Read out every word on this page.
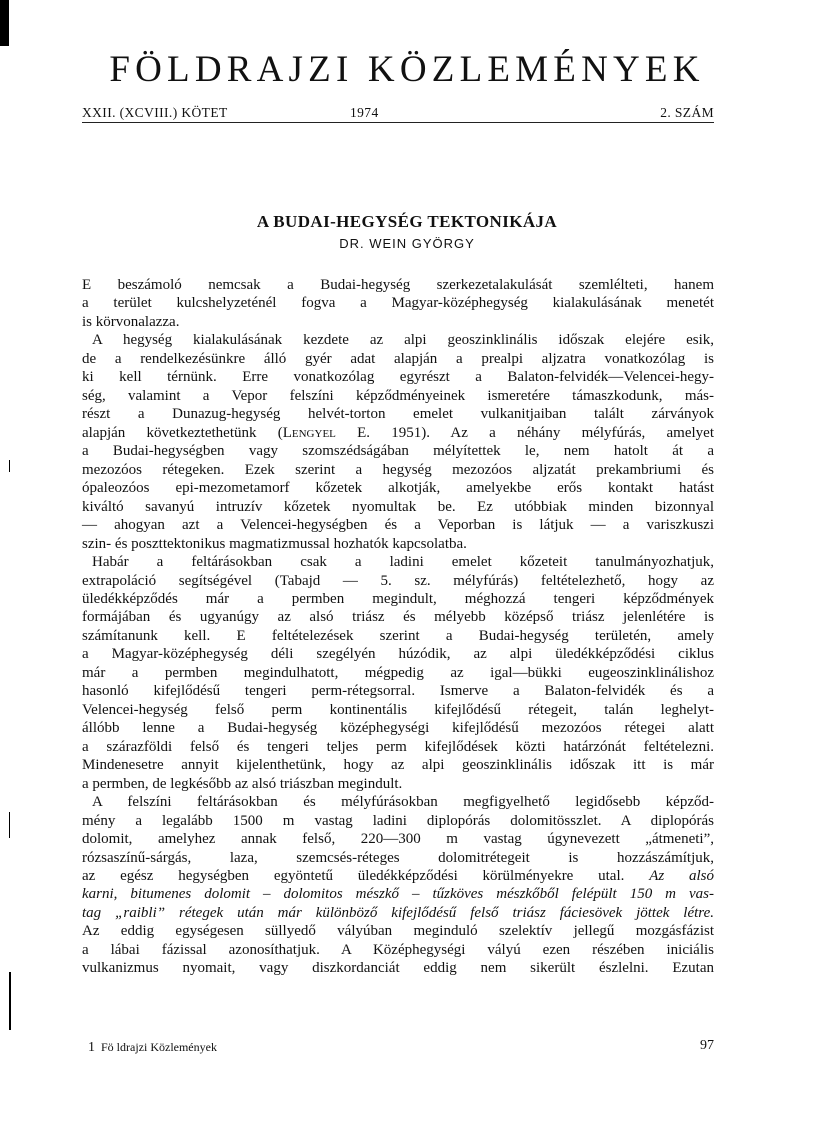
FÖLDRAJZI KÖZLEMÉNYEK
XXII. (XCVIII.) KÖTET	1974	2. SZÁM
A BUDAI-HEGYSÉG TEKTONIKÁJA
DR. WEIN GYÖRGY
E beszámoló nemcsak a Budai-hegység szerkezetalakulását szemlélteti, hanem
a terület kulcshelyzeténél fogva a Magyar-középhegység kialakulásának menetét
is körvonalazza.
A hegység kialakulásának kezdete az alpi geoszinklinális időszak elejére esik,
de a rendelkezésünkre álló gyér adat alapján a prealpi aljzatra vonatkozólag is
ki kell térnünk. Erre vonatkozólag egyrészt a Balaton-felvidék—Velencei-hegy-
ség, valamint a Vepor felszíni képződményeinek ismeretére támaszkodunk, más-
részt a Dunazug-hegység helvét-torton emelet vulkanitjaiban talált zárványok
alapján következtethetünk (Lengyel E. 1951). Az a néhány mélyfúrás, amelyet
a Budai-hegységben vagy szomszédságában mélyítettek le, nem hatolt át a
mezozóos rétegeken. Ezek szerint a hegység mezozóos aljzatát prekambriumi és
ópaleozóos epi-mezometamorf kőzetek alkotják, amelyekbe erős kontakt hatást
kiváltó savanyú intruzív kőzetek nyomultak be. Ez utóbbiak minden bizonnyal
— ahogyan azt a Velencei-hegységben és a Veporban is látjuk — a variszkuszi
szin- és poszttektonikus magmatizmussal hozhatók kapcsolatba.
Habár a feltárásokban csak a ladini emelet kőzeteit tanulmányozhatjuk,
extrapoláció segítségével (Tabajd — 5. sz. mélyfúrás) feltételezhető, hogy az
üledékképződés már a permben megindult, méghozzá tengeri képződmények
formájában és ugyanúgy az alsó triász és mélyebb középső triász jelenlétére is
számítanunk kell. E feltételezések szerint a Budai-hegység területén, amely
a Magyar-középhegység déli szegélyén húzódik, az alpi üledékképződési ciklus
már a permben megindulhatott, mégpedig az igal—bükki eugeoszinklinálishoz
hasonló kifejlődésű tengeri perm-rétegsorral. Ismerve a Balaton-felvidék és a
Velencei-hegység felső perm kontinentális kifejlődésű rétegeit, talán leghelyt-
állóbb lenne a Budai-hegység középhegységi kifejlődésű mezozóos rétegei alatt
a szárazföldi felső és tengeri teljes perm kifejlődések közti határzónát feltételezni.
Mindenesetre annyit kijelenthetünk, hogy az alpi geoszinklinális időszak itt is már
a permben, de legkésőbb az alsó triászban megindult.
A felszíni feltárásokban és mélyfúrásokban megfigyelhető legidősebb képződ-
mény a legalább 1500 m vastag ladini diplopórás dolomitösszlet. A diplopórás
dolomit, amelyhez annak felső, 220—300 m vastag úgynevezett „átmeneti”,
rózsaszínű-sárgás, laza, szemcsés-réteges dolomitrétegeit is hozzászámítjuk,
az egész hegységben egyöntetű üledékképződési körülményekre utal. Az alsó
karni, bitumenes dolomit – dolomitos mészkő – tűzköves mészkőből felépült 150 m vas-
tag „raibli” rétegek után már különböző kifejlődésű felső triász fáciesövek jöttek létre.
Az eddig egységesen süllyedő vályúban meginduló szelektív jellegű mozgásfázist
a lábai fázissal azonosíthatjuk. A Középhegységi vályú ezen részében iniciális
vulkanizmus nyomait, vagy diszkordanciát eddig nem sikerült észlelni. Ezutan
1 Fö ldrajzi Közlemények	97
